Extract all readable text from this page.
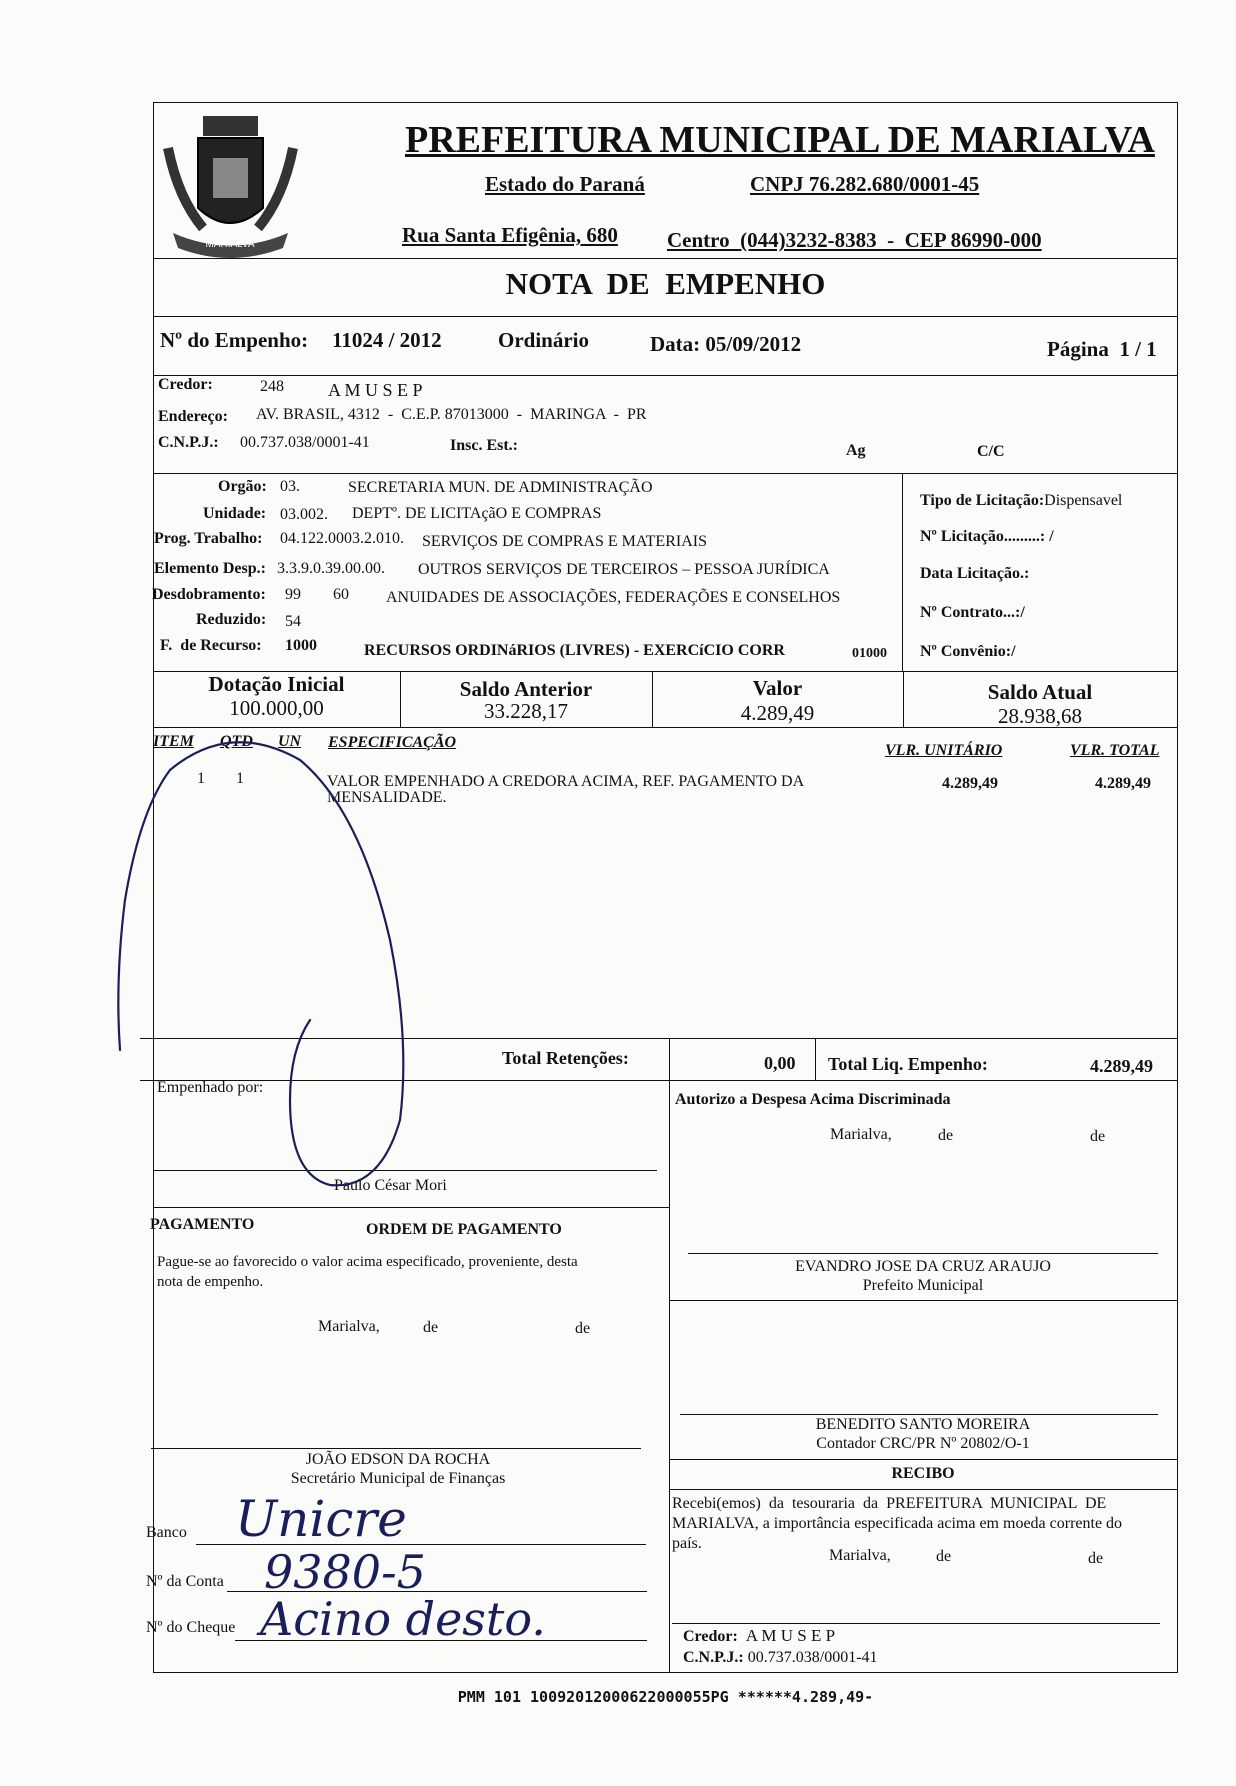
MARIALVA
PREFEITURA MUNICIPAL DE MARIALVA
Estado do Paraná	CNPJ 76.282.680/0001-45
Rua Santa Efigênia, 680 Centro  (044)3232-8383  -  CEP 86990-000
NOTA  DE  EMPENHO
Nº do Empenho: 11024 / 2012	Ordinário	Data: 05/09/2012	Página  1 / 1
Credor:	248 A M U S E P
Endereço: AV. BRASIL, 4312  -  C.E.P. 87013000  -  MARINGA  -  PR
C.N.P.J.: 00.737.038/0001-41	Insc. Est.:	Ag	C/C
Orgão: 03.	SECRETARIA MUN. DE ADMINISTRAÇÃO
Unidade: 03.002. DEPTº. DE LICITAçãO E COMPRAS
Prog. Trabalho: 04.122.0003.2.010. SERVIÇOS DE COMPRAS E MATERIAIS
Elemento Desp.: 3.3.9.0.39.00.00. OUTROS SERVIÇOS DE TERCEIROS – PESSOA JURÍDICA
Desdobramento: 99 60 ANUIDADES DE ASSOCIAÇÕES, FEDERAÇÕES E CONSELHOS
Reduzido: 54
F.  de Recurso: 1000	RECURSOS ORDINáRIOS (LIVRES) - EXERCíCIO CORR	01000
Tipo de Licitação:Dispensavel
Nº Licitação.........: /
Data Licitação.:
Nº Contrato...:/
Nº Convênio:/
Dotação Inicial
100.000,00
Saldo Anterior
33.228,17
Valor
4.289,49
Saldo Atual
28.938,68
ITEM QTD UN ESPECIFICAÇÃO	VLR. UNITÁRIO	VLR. TOTAL
1 1	VALOR EMPENHADO A CREDORA ACIMA, REF. PAGAMENTO DA
MENSALIDADE.
4.289,49	4.289,49
Total Retenções:	0,00 Total Liq. Empenho:	4.289,49
Empenhado por:
Paulo César Mori
Autorizo a Despesa Acima Discriminada
Marialva,	de	de
EVANDRO JOSE DA CRUZ ARAUJO
Prefeito Municipal
PAGAMENTO	ORDEM DE PAGAMENTO
Pague-se ao favorecido o valor acima especificado, proveniente, desta
nota de empenho.
Marialva,	de	de
JOÃO EDSON DA ROCHA
Secretário Municipal de Finanças
BENEDITO SANTO MOREIRA
Contador CRC/PR Nº 20802/O-1
RECIBO
Recebi(emos)  da  tesouraria  da  PREFEITURA  MUNICIPAL  DE
MARIALVA, a importância especificada acima em moeda corrente do
país.
Marialva,	de	de
Credor: A M U S E P
C.N.P.J.: 00.737.038/0001-41
Banco Unicre
Nº da Conta 9380-5
Nº do Cheque Acino desto.
PMM 101 10092012000622000055PG ******4.289,49-
